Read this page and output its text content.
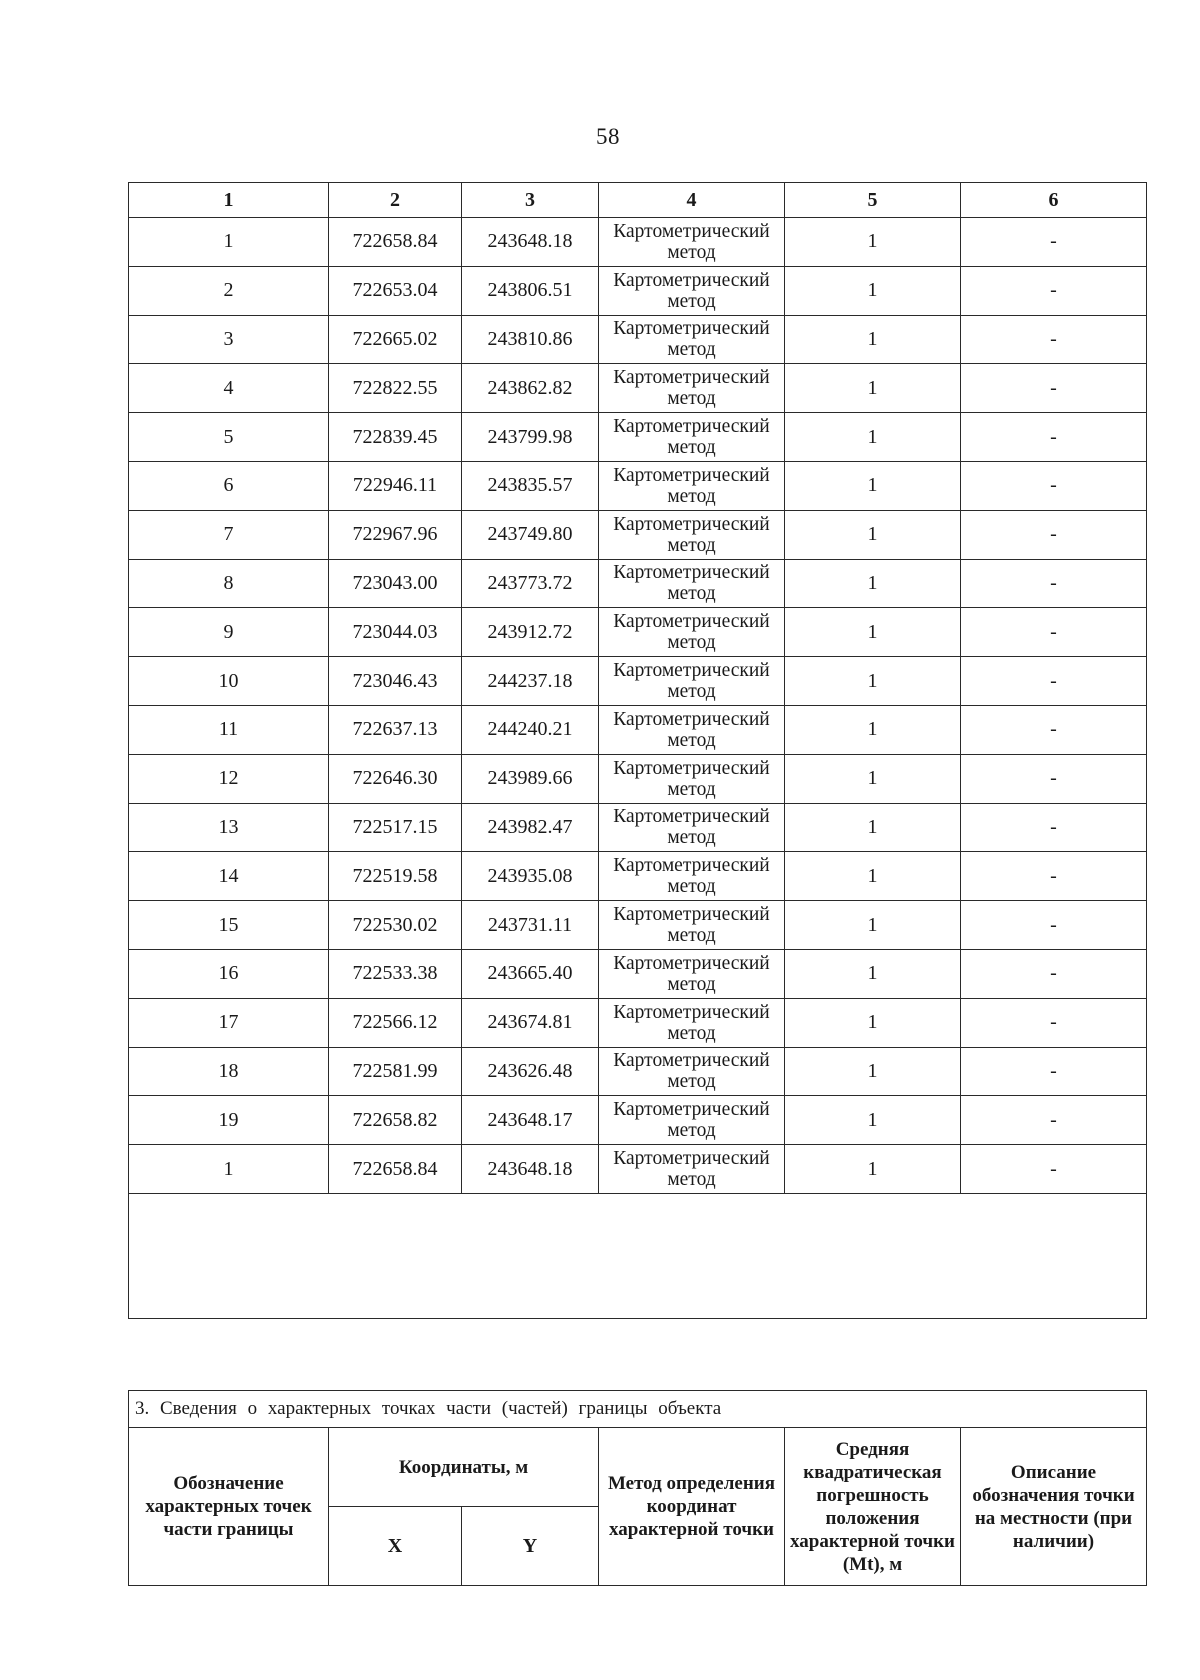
58
1	2	3	4	5	6
1	722658.84	243648.18	Картометрический метод	1	-
2	722653.04	243806.51	Картометрический метод	1	-
3	722665.02	243810.86	Картометрический метод	1	-
4	722822.55	243862.82	Картометрический метод	1	-
5	722839.45	243799.98	Картометрический метод	1	-
6	722946.11	243835.57	Картометрический метод	1	-
7	722967.96	243749.80	Картометрический метод	1	-
8	723043.00	243773.72	Картометрический метод	1	-
9	723044.03	243912.72	Картометрический метод	1	-
10	723046.43	244237.18	Картометрический метод	1	-
11	722637.13	244240.21	Картометрический метод	1	-
12	722646.30	243989.66	Картометрический метод	1	-
13	722517.15	243982.47	Картометрический метод	1	-
14	722519.58	243935.08	Картометрический метод	1	-
15	722530.02	243731.11	Картометрический метод	1	-
16	722533.38	243665.40	Картометрический метод	1	-
17	722566.12	243674.81	Картометрический метод	1	-
18	722581.99	243626.48	Картометрический метод	1	-
19	722658.82	243648.17	Картометрический метод	1	-
1	722658.84	243648.18	Картометрический метод	1	-

3. Сведения о характерных точках части (частей) границы объекта					
Обозначение характерных точек части границы	Координаты, м		Метод определения координат характерной точки	Средняя квадратическая погрешность положения характерной точки (Mt), м	Описание обозначения точки на местности (при наличии)
	X	Y			
